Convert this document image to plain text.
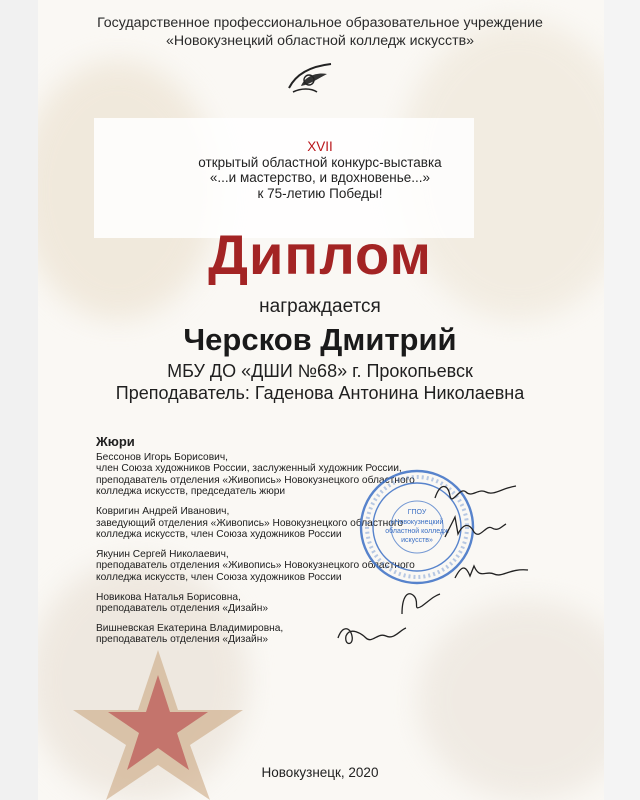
Государственное профессиональное образовательное учреждение
«Новокузнецкий областной колледж искусств»
XVII
открытый областной конкурс-выставка
«...и мастерство, и вдохновенье...»
к 75-летию Победы!
Диплом
награждается
Черсков Дмитрий
МБУ ДО «ДШИ №68» г. Прокопьевск
Преподаватель: Гаденова Антонина Николаевна
Жюри
Бессонов Игорь Борисович,
член Союза художников России, заслуженный художник России,
преподаватель отделения «Живопись» Новокузнецкого областного
колледжа искусств, председатель жюри
Ковригин Андрей Иванович,
заведующий отделения «Живопись» Новокузнецкого областного
колледжа искусств, член Союза художников России
Якунин Сергей Николаевич,
преподаватель отделения «Живопись» Новокузнецкого областного
колледжа искусств, член Союза художников России
Новикова Наталья Борисовна,
преподаватель отделения «Дизайн»
Вишневская Екатерина Владимировна,
преподаватель отделения «Дизайн»
ГПОУ
«Новокузнецкий
областной колледж
искусств»
Новокузнецк, 2020
